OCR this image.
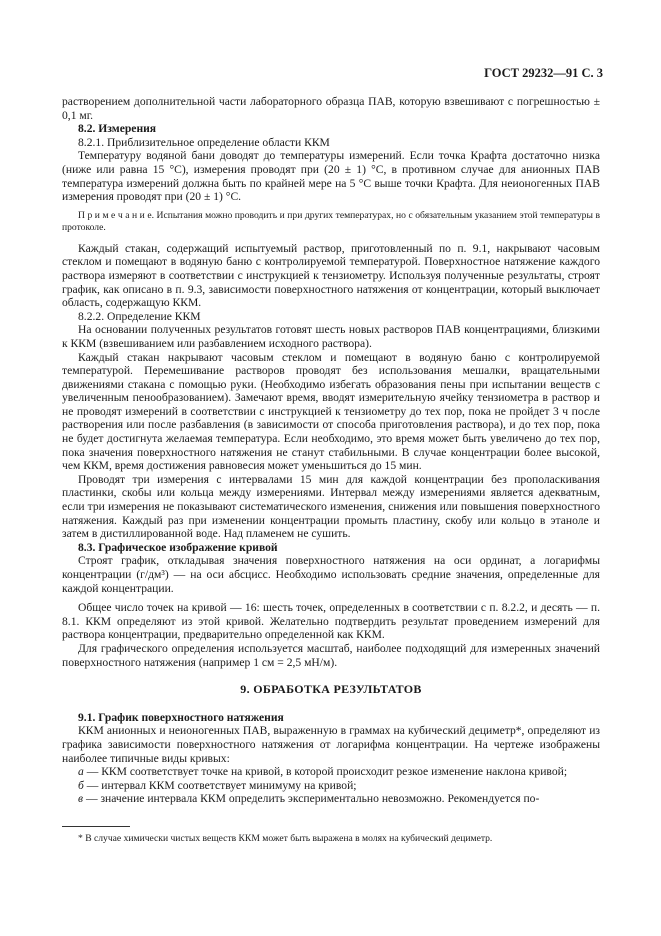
ГОСТ 29232—91 С. 3

растворением дополнительной части лабораторного образца ПАВ, которую взвешивают с погрешностью ± 0,1 мг.

8.2. Измерения

8.2.1. Приблизительное определение области ККМ

Температуру водяной бани доводят до температуры измерений. Если точка Крафта достаточно низка (ниже или равна 15 °С), измерения проводят при (20 ± 1) °С, в противном случае для анионных ПАВ температура измерений должна быть по крайней мере на 5 °С выше точки Крафта. Для неионогенных ПАВ измерения проводят при (20 ± 1) °С.

П р и м е ч а н и е. Испытания можно проводить и при других температурах, но с обязательным указанием этой температуры в протоколе.

Каждый стакан, содержащий испытуемый раствор, приготовленный по п. 9.1, накрывают часовым стеклом и помещают в водяную баню с контролируемой температурой. Поверхностное натяжение каждого раствора измеряют в соответствии с инструкцией к тензиометру. Используя полученные результаты, строят график, как описано в п. 9.3, зависимости поверхностного натяжения от концентрации, который выключает область, содержащую ККМ.

8.2.2. Определение ККМ

На основании полученных результатов готовят шесть новых растворов ПАВ концентрациями, близкими к ККМ (взвешиванием или разбавлением исходного раствора).

Каждый стакан накрывают часовым стеклом и помещают в водяную баню с контролируемой температурой. Перемешивание растворов проводят без использования мешалки, вращательными движениями стакана с помощью руки. (Необходимо избегать образования пены при испытании веществ с увеличенным пенообразованием). Замечают время, вводят измерительную ячейку тензиометра в раствор и не проводят измерений в соответствии с инструкцией к тензиометру до тех пор, пока не пройдет 3 ч после растворения или после разбавления (в зависимости от способа приготовления раствора), и до тех пор, пока не будет достигнута желаемая температура. Если необходимо, это время может быть увеличено до тех пор, пока значения поверхностного натяжения не станут стабильными. В случае концентрации более высокой, чем ККМ, время достижения равновесия может уменьшиться до 15 мин.

Проводят три измерения с интервалами 15 мин для каждой концентрации без прополаскивания пластинки, скобы или кольца между измерениями. Интервал между измерениями является адекватным, если три измерения не показывают систематического изменения, снижения или повышения поверхностного натяжения. Каждый раз при изменении концентрации промыть пластину, скобу или кольцо в этаноле и затем в дистиллированной воде. Над пламенем не сушить.

8.3. Графическое изображение кривой

Строят график, откладывая значения поверхностного натяжения на оси ординат, а логарифмы концентрации (г/дм³) — на оси абсцисс. Необходимо использовать средние значения, определенные для каждой концентрации.

Общее число точек на кривой — 16: шесть точек, определенных в соответствии с п. 8.2.2, и десять — п. 8.1. ККМ определяют из этой кривой. Желательно подтвердить результат проведением измерений для раствора концентрации, предварительно определенной как ККМ.

Для графического определения используется масштаб, наиболее подходящий для измеренных значений поверхностного натяжения (например 1 см = 2,5 мН/м).

9. ОБРАБОТКА РЕЗУЛЬТАТОВ

9.1. График поверхностного натяжения

ККМ анионных и неионогенных ПАВ, выраженную в граммах на кубический дециметр*, определяют из графика зависимости поверхностного натяжения от логарифма концентрации. На чертеже изображены наиболее типичные виды кривых:

а — ККМ соответствует точке на кривой, в которой происходит резкое изменение наклона кривой;

б — интервал ККМ соответствует минимуму на кривой;

в — значение интервала ККМ определить экспериментально невозможно. Рекомендуется по-

* В случае химически чистых веществ ККМ может быть выражена в молях на кубический дециметр.
